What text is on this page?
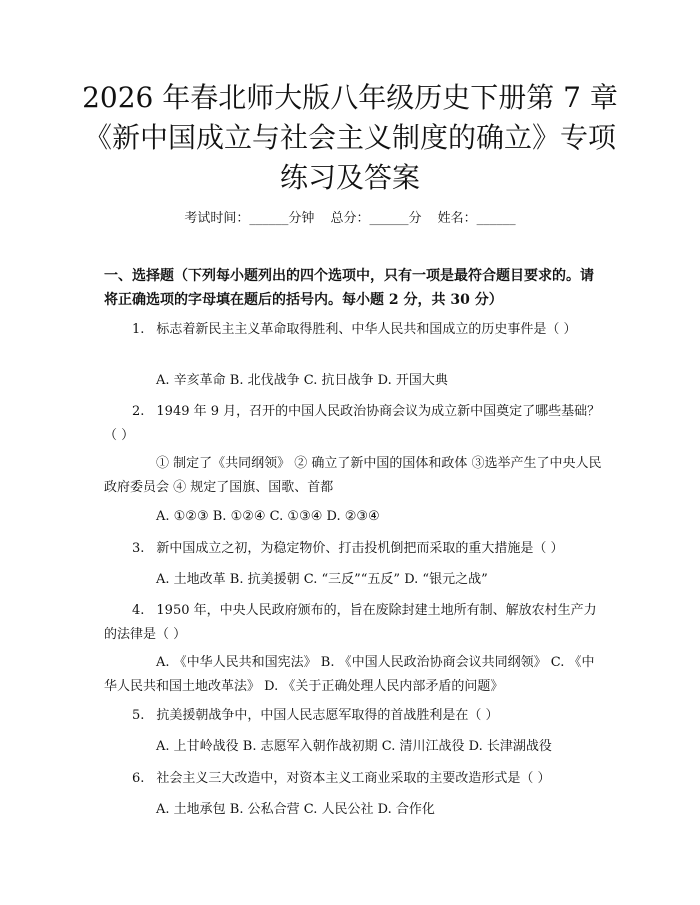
2026 年春北师大版八年级历史下册第 7 章
《新中国成立与社会主义制度的确立》专项
练习及答案
考试时间：______分钟 总分：______分 姓名：______
一、选择题（下列每小题列出的四个选项中，只有一项是最符合题目要求的。请将正确选项的字母填在题后的括号内。每小题 2 分，共 30 分）
1. 标志着新民主主义革命取得胜利、中华人民共和国成立的历史事件是（ ）
A. 辛亥革命 B. 北伐战争 C. 抗日战争 D. 开国大典
2. 1949 年 9 月，召开的中国人民政治协商会议为成立新中国奠定了哪些基础？（ ）
① 制定了《共同纲领》 ② 确立了新中国的国体和政体 ③选举产生了中央人民政府委员会 ④ 规定了国旗、国歌、首都
A. ①②③ B. ①②④ C. ①③④ D. ②③④
3. 新中国成立之初，为稳定物价、打击投机倒把而采取的重大措施是（ ）
A. 土地改革 B. 抗美援朝 C. “三反”“五反” D. “银元之战”
4. 1950 年，中央人民政府颁布的，旨在废除封建土地所有制、解放农村生产力的法律是（ ）
A. 《中华人民共和国宪法》 B. 《中国人民政治协商会议共同纲领》 C. 《中华人民共和国土地改革法》 D. 《关于正确处理人民内部矛盾的问题》
5. 抗美援朝战争中，中国人民志愿军取得的首战胜利是在（ ）
A. 上甘岭战役 B. 志愿军入朝作战初期 C. 清川江战役 D. 长津湖战役
6. 社会主义三大改造中，对资本主义工商业采取的主要改造形式是（ ）
A. 土地承包 B. 公私合营 C. 人民公社 D. 合作化
